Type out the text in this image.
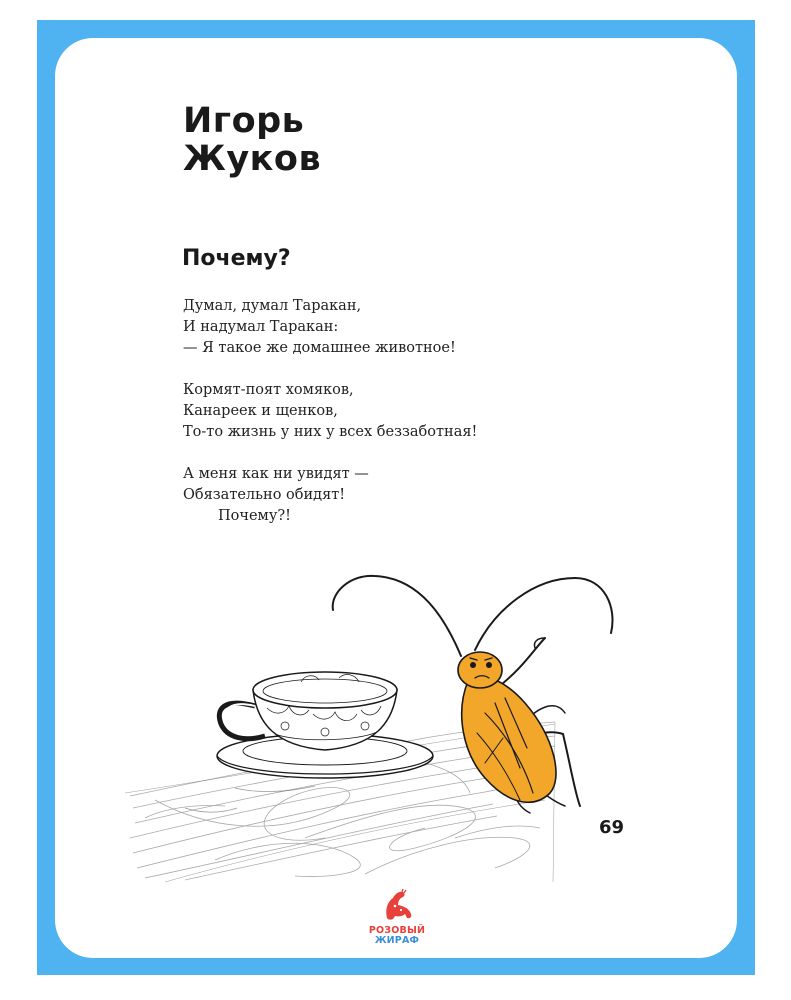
Игорь
Жуков
Почему?
Думал, думал Таракан,
И надумал Таракан:
— Я такое же домашнее животное!
Кормят-поят хомяков,
Канареек и щенков,
То-то жизнь у них у всех беззаботная!
А меня как ни увидят —
Обязательно обидят!
Почему?!
69
РОЗОВЫЙ
ЖИРАФ
